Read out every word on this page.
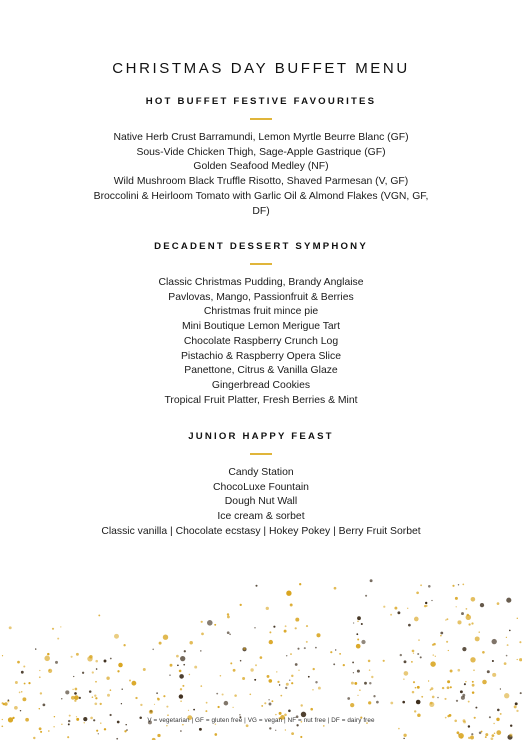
CHRISTMAS DAY BUFFET MENU
HOT BUFFET FESTIVE FAVOURITES
Native Herb Crust Barramundi, Lemon Myrtle Beurre Blanc (GF)
Sous-Vide Chicken Thigh, Sage-Apple Gastrique (GF)
Golden Seafood Medley (NF)
Wild Mushroom Black Truffle Risotto, Shaved Parmesan (V, GF)
Broccolini & Heirloom Tomato with Garlic Oil & Almond Flakes (VGN, GF, DF)
DECADENT DESSERT SYMPHONY
Classic Christmas Pudding, Brandy Anglaise
Pavlovas, Mango, Passionfruit & Berries
Christmas fruit mince pie
Mini Boutique Lemon Merigue Tart
Chocolate Raspberry Crunch Log
Pistachio & Raspberry Opera Slice
Panettone, Citrus & Vanilla Glaze
Gingerbread Cookies
Tropical Fruit Platter, Fresh Berries & Mint
JUNIOR HAPPY FEAST
Candy Station
ChocoLuxe Fountain
Dough Nut Wall
Ice cream & sorbet
Classic vanilla | Chocolate ecstasy | Hokey Pokey | Berry Fruit Sorbet
V = vegetarian | GF = gluten free | VG = vegan | NF = nut free | DF = dairy free
